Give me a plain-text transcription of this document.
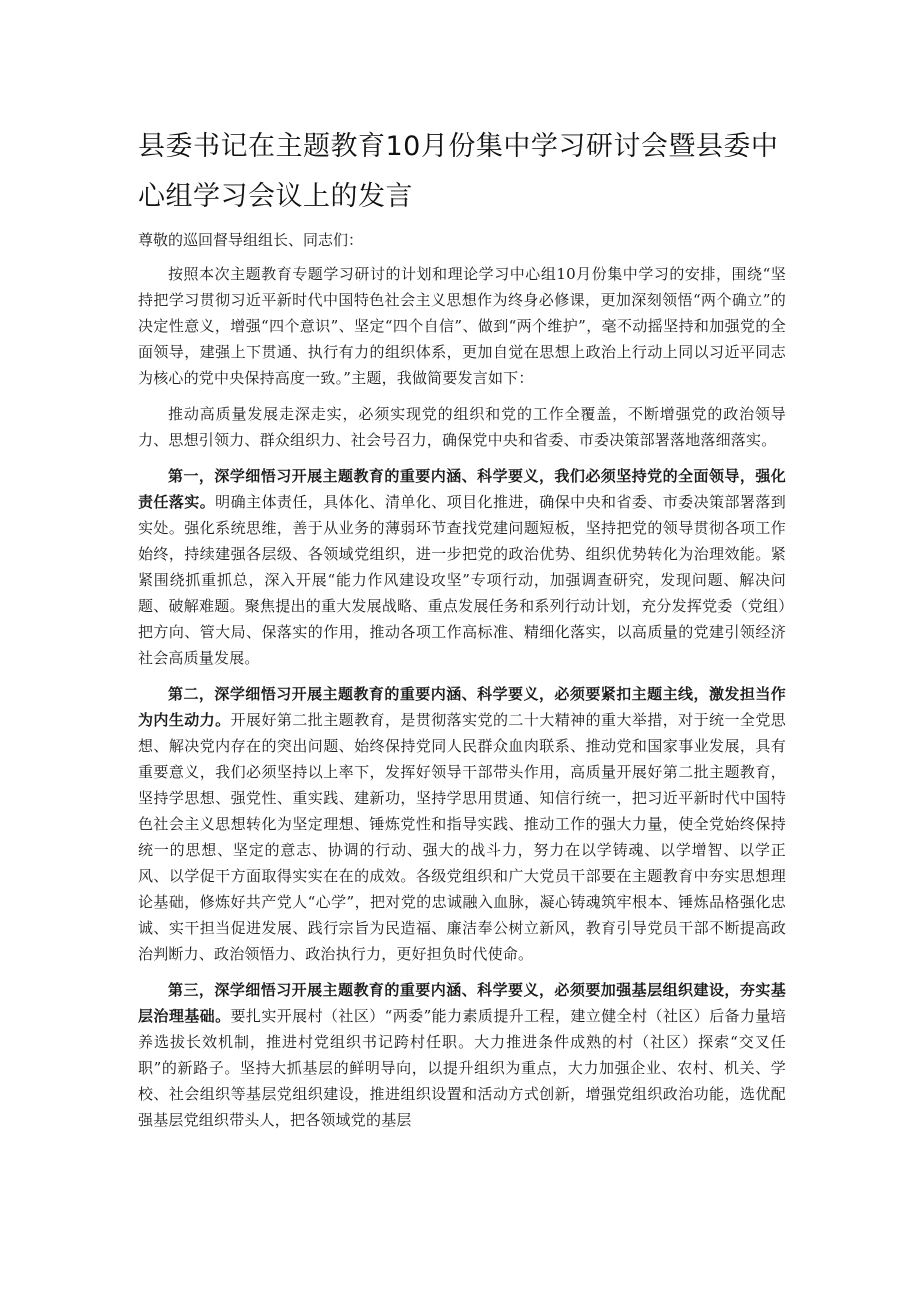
县委书记在主题教育10月份集中学习研讨会暨县委中心组学习会议上的发言

尊敬的巡回督导组组长、同志们：

按照本次主题教育专题学习研讨的计划和理论学习中心组10月份集中学习的安排，围绕“坚持把学习贯彻习近平新时代中国特色社会主义思想作为终身必修课，更加深刻领悟“两个确立”的决定性意义，增强“四个意识”、坚定“四个自信”、做到“两个维护”，毫不动摇坚持和加强党的全面领导，建强上下贯通、执行有力的组织体系，更加自觉在思想上政治上行动上同以习近平同志为核心的党中央保持高度一致。”主题，我做简要发言如下：

推动高质量发展走深走实，必须实现党的组织和党的工作全覆盖，不断增强党的政治领导力、思想引领力、群众组织力、社会号召力，确保党中央和省委、市委决策部署落地落细落实。

第一，深学细悟习开展主题教育的重要内涵、科学要义，我们必须坚持党的全面领导，强化责任落实。明确主体责任，具体化、清单化、项目化推进，确保中央和省委、市委决策部署落到实处。强化系统思维，善于从业务的薄弱环节查找党建问题短板，坚持把党的领导贯彻各项工作始终，持续建强各层级、各领域党组织，进一步把党的政治优势、组织优势转化为治理效能。紧紧围绕抓重抓总，深入开展“能力作风建设攻坚”专项行动，加强调查研究，发现问题、解决问题、破解难题。聚焦提出的重大发展战略、重点发展任务和系列行动计划，充分发挥党委（党组）把方向、管大局、保落实的作用，推动各项工作高标准、精细化落实，以高质量的党建引领经济社会高质量发展。

第二，深学细悟习开展主题教育的重要内涵、科学要义，必须要紧扣主题主线，激发担当作为内生动力。开展好第二批主题教育，是贯彻落实党的二十大精神的重大举措，对于统一全党思想、解决党内存在的突出问题、始终保持党同人民群众血肉联系、推动党和国家事业发展，具有重要意义，我们必须坚持以上率下，发挥好领导干部带头作用，高质量开展好第二批主题教育，坚持学思想、强党性、重实践、建新功，坚持学思用贯通、知信行统一，把习近平新时代中国特色社会主义思想转化为坚定理想、锤炼党性和指导实践、推动工作的强大力量，使全党始终保持统一的思想、坚定的意志、协调的行动、强大的战斗力，努力在以学铸魂、以学增智、以学正风、以学促干方面取得实实在在的成效。各级党组织和广大党员干部要在主题教育中夯实思想理论基础，修炼好共产党人“心学”，把对党的忠诚融入血脉，凝心铸魂筑牢根本、锤炼品格强化忠诚、实干担当促进发展、践行宗旨为民造福、廉洁奉公树立新风，教育引导党员干部不断提高政治判断力、政治领悟力、政治执行力，更好担负时代使命。

第三，深学细悟习开展主题教育的重要内涵、科学要义，必须要加强基层组织建设，夯实基层治理基础。要扎实开展村（社区）“两委”能力素质提升工程，建立健全村（社区）后备力量培养选拔长效机制，推进村党组织书记跨村任职。大力推进条件成熟的村（社区）探索“交叉任职”的新路子。坚持大抓基层的鲜明导向，以提升组织为重点，大力加强企业、农村、机关、学校、社会组织等基层党组织建设，推进组织设置和活动方式创新，增强党组织政治功能，选优配强基层党组织带头人，把各领域党的基层
